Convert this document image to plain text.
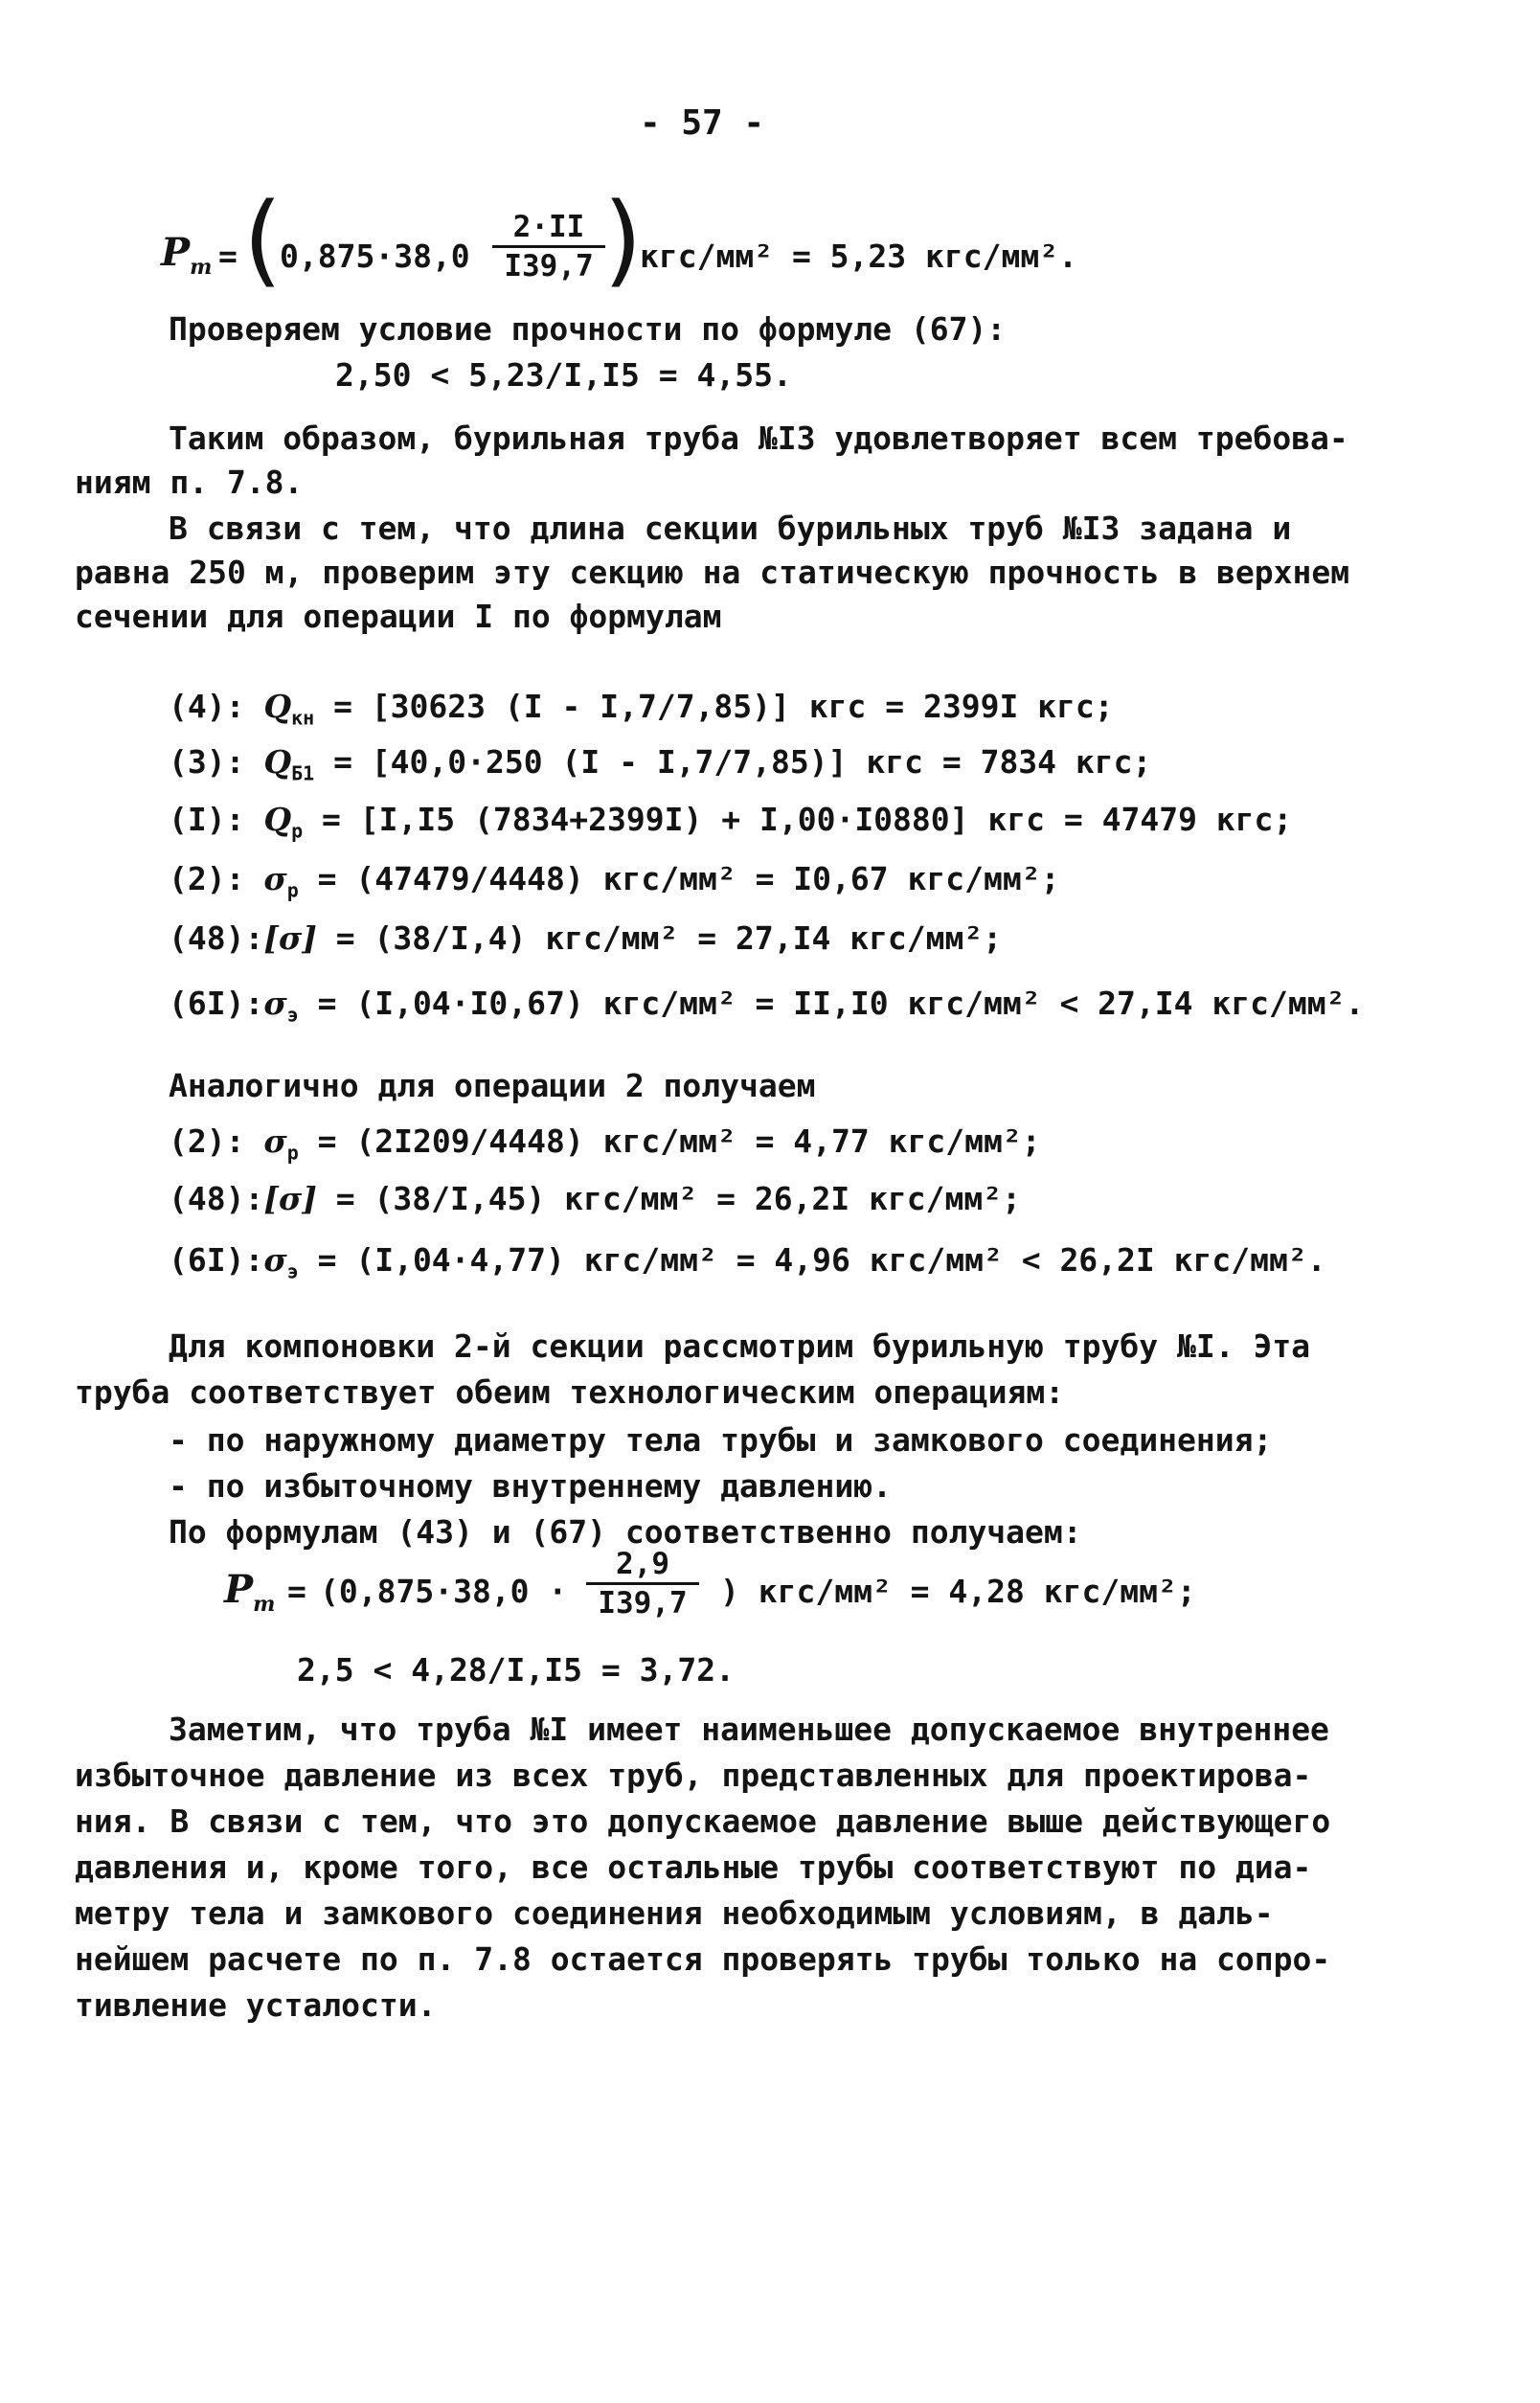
- 57 -
$P_т$ = (
$0,875\cdot 38,0 \frac{2\cdot II}{I39,7}$
)
кгс/мм² = 5,23 кгс/мм².
Проверяем условие прочности по формуле (67):
2,50 < 5,23/I,I5 = 4,55.
Таким образом, бурильная труба №I3 удовлетворяет всем требова-
ниям п. 7.8.
В связи с тем, что длина секции бурильных труб №I3 задана и
равна 250 м, проверим эту секцию на статическую прочность в верхнем
сечении для операции I по формулам
(4): $Q_{кн} = [30623$ (I - I,7/7,85)] кгс = 2399I кгс;
(3): $Q_{Б1} = [40,0\cdot 250$ (I - I,7/7,85)] кгс = 7834 кгс;
(I): $Q_р = [I,I5$ (7834+2399I) + I,00·I0880] кгс = 47479 кгс;
(2): $\sigma_р = (47479/4448) кгс/мм^2 = I0,67$ кгс/мм²;
(48):[σ] = (38/I,4) кгс/мм² = 27,I4 кгс/мм²;
$(6I):\sigma_э = (I,04\cdot I0,67) кгс/мм^2 = II,I0$ кгс/мм² < 27,I4 кгс/мм².
Аналогично для операции 2 получаем
(2): $\sigma_р = (2I209/4448) кгс/мм^2 = 4,77$ кгс/мм²;
(48):[σ] = (38/I,45) кгс/мм² = 26,2I кгс/мм²;
$(6I):\sigma_э = (I,04\cdot 4,77) кгс/мм^2 = 4,96$ кгс/мм² < 26,2I кгс/мм².
Для компоновки 2-й секции рассмотрим бурильную трубу №I. Эта
труба соответствует обеим технологическим операциям:
- по наружному диаметру тела трубы и замкового соединения;
- по избыточному внутреннему давлению.
По формулам (43) и (67) соответственно получаем:
$P_т = (0,875\cdot 38,0 \cdot \frac{2,9}{I39,7}$ ) кгс/мм² = 4,28 кгс/мм²;
2,5 < 4,28/I,I5 = 3,72.
Заметим, что труба №I имеет наименьшее допускаемое внутреннее
избыточное давление из всех труб, представленных для проектирова-
ния. В связи с тем, что это допускаемое давление выше действующего
давления и, кроме того, все остальные трубы соответствуют по диа-
метру тела и замкового соединения необходимым условиям, в даль-
нейшем расчете по п. 7.8 остается проверять трубы только на сопро-
тивление усталости.
